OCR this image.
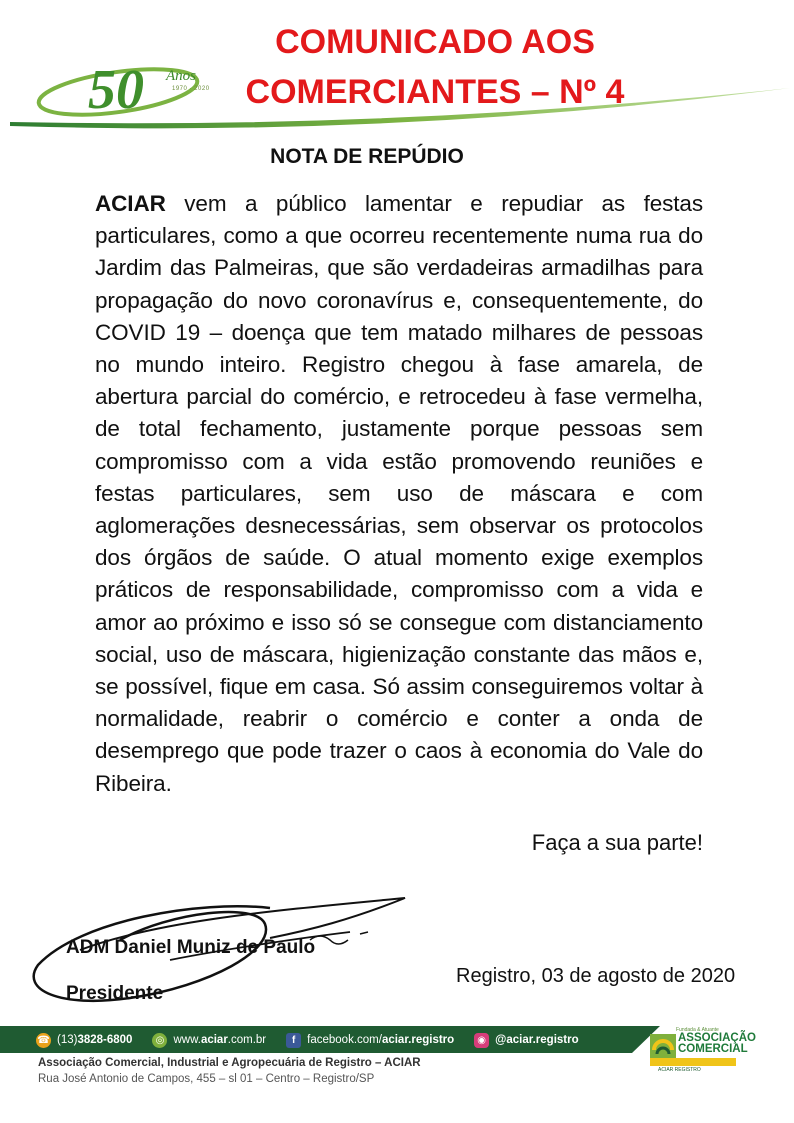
50 Anos
1970 · 2020
COMUNICADO AOS
COMERCIANTES – Nº 4
NOTA DE REPÚDIO
ACIAR vem a público lamentar e repudiar as festas particulares, como a que ocorreu recentemente numa rua do Jardim das Palmeiras, que são verdadeiras armadilhas para propagação do novo coronavírus e, consequentemente, do COVID 19 – doença que tem matado milhares de pessoas no mundo inteiro. Registro chegou à fase amarela, de abertura parcial do comércio, e retrocedeu à fase vermelha, de total fechamento, justamente porque pessoas sem compromisso com a vida estão promovendo reuniões e festas particulares, sem uso de máscara e com aglomerações desnecessárias, sem observar os protocolos dos órgãos de saúde. O atual momento exige exemplos práticos de responsabilidade, compromisso com a vida e amor ao próximo e isso só se consegue com distanciamento social, uso de máscara, higienização constante das mãos e, se possível, fique em casa. Só assim conseguiremos voltar à normalidade, reabrir o comércio e conter a onda de desemprego que pode trazer o caos à economia do Vale do Ribeira.
Faça a sua parte!
ADM Daniel Muniz de Paulo
Presidente
Registro, 03 de agosto de 2020
☎ (13) 3828-6800	◎ www. aciar .com.br	f	facebook.com/ aciar.registro	◉ @aciar.registro
Associação Comercial, Industrial e Agropecuária de Registro – ACIAR
Rua José Antonio de Campos, 455 – sl 01 – Centro – Registro/SP
Fundada & Atuante
ASSOCIAÇÃO
COMERCIAL
ACIAR REGISTRO
